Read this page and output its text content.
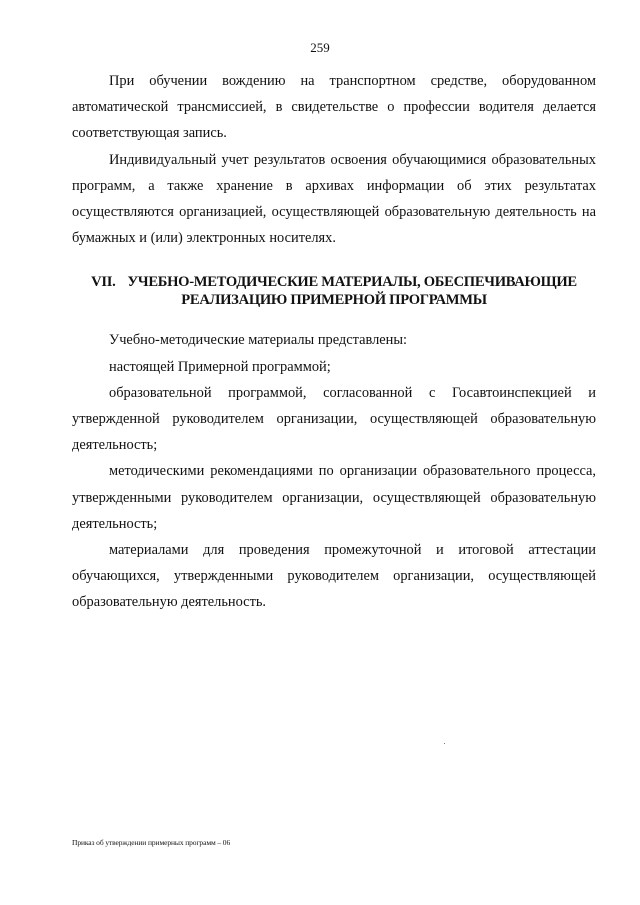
259

При обучении вождению на транспортном средстве, оборудованном автоматической трансмиссией, в свидетельстве о профессии водителя делается соответствующая запись.

Индивидуальный учет результатов освоения обучающимися образовательных программ, а также хранение в архивах информации об этих результатах осуществляются организацией, осуществляющей образовательную деятельность на бумажных и (или) электронных носителях.

VII. УЧЕБНО-МЕТОДИЧЕСКИЕ МАТЕРИАЛЫ, ОБЕСПЕЧИВАЮЩИЕ
РЕАЛИЗАЦИЮ ПРИМЕРНОЙ ПРОГРАММЫ

Учебно-методические материалы представлены:

настоящей Примерной программой;

образовательной программой, согласованной с Госавтоинспекцией и утвержденной руководителем организации, осуществляющей образовательную деятельность;

методическими рекомендациями по организации образовательного процесса, утвержденными руководителем организации, осуществляющей образовательную деятельность;

материалами для проведения промежуточной и итоговой аттестации обучающихся, утвержденными руководителем организации, осуществляющей образовательную деятельность.

Приказ об утверждении примерных программ – 06
